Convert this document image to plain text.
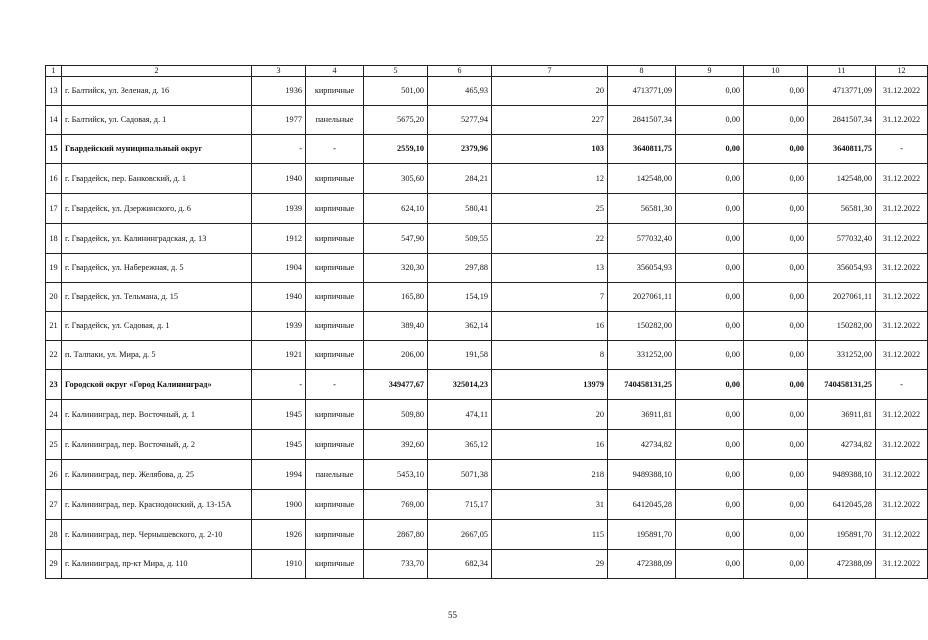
1	2	3	4	5	6	7	8	9	10	11	12
13	г. Балтийск, ул. Зеленая, д. 16	1936	кирпичные	501,00	465,93	20	4713771,09	0,00	0,00	4713771,09	31.12.2022
14	г. Балтийск, ул. Садовая, д. 1	1977	панельные	5675,20	5277,94	227	2841507,34	0,00	0,00	2841507,34	31.12.2022
15	Гвардейский муниципальный округ	-	-	2559,10	2379,96	103	3640811,75	0,00	0,00	3640811,75	-
16	г. Гвардейск, пер. Банковский, д. 1	1940	кирпичные	305,60	284,21	12	142548,00	0,00	0,00	142548,00	31.12.2022
17	г. Гвардейск, ул. Дзержинского, д. 6	1939	кирпичные	624,10	580,41	25	56581,30	0,00	0,00	56581,30	31.12.2022
18	г. Гвардейск, ул. Калининградская, д. 13	1912	кирпичные	547,90	509,55	22	577032,40	0,00	0,00	577032,40	31.12.2022
19	г. Гвардейск, ул. Набережная, д. 5	1904	кирпичные	320,30	297,88	13	356054,93	0,00	0,00	356054,93	31.12.2022
20	г. Гвардейск, ул. Тельмана, д. 15	1940	кирпичные	165,80	154,19	7	2027061,11	0,00	0,00	2027061,11	31.12.2022
21	г. Гвардейск, ул. Садовая, д. 1	1939	кирпичные	389,40	362,14	16	150282,00	0,00	0,00	150282,00	31.12.2022
22	п. Талпаки, ул. Мира, д. 5	1921	кирпичные	206,00	191,58	8	331252,00	0,00	0,00	331252,00	31.12.2022
23	Городской округ «Город Калининград»	-	-	349477,67	325014,23	13979	740458131,25	0,00	0,00	740458131,25	-
24	г. Калининград, пер. Восточный, д. 1	1945	кирпичные	509,80	474,11	20	36911,81	0,00	0,00	36911,81	31.12.2022
25	г. Калининград, пер. Восточный, д. 2	1945	кирпичные	392,60	365,12	16	42734,82	0,00	0,00	42734,82	31.12.2022
26	г. Калининград, пер. Желябова, д. 25	1994	панельные	5453,10	5071,38	218	9489388,10	0,00	0,00	9489388,10	31.12.2022
27	г. Калининград, пер. Краснодонский, д. 13-15А	1900	кирпичные	769,00	715,17	31	6412045,28	0,00	0,00	6412045,28	31.12.2022
28	г. Калининград, пер. Чернышевского, д. 2-10	1926	кирпичные	2867,80	2667,05	115	195891,70	0,00	0,00	195891,70	31.12.2022
29	г. Калининград, пр-кт Мира, д. 110	1910	кирпичные	733,70	682,34	29	472388,09	0,00	0,00	472388,09	31.12.2022
55
